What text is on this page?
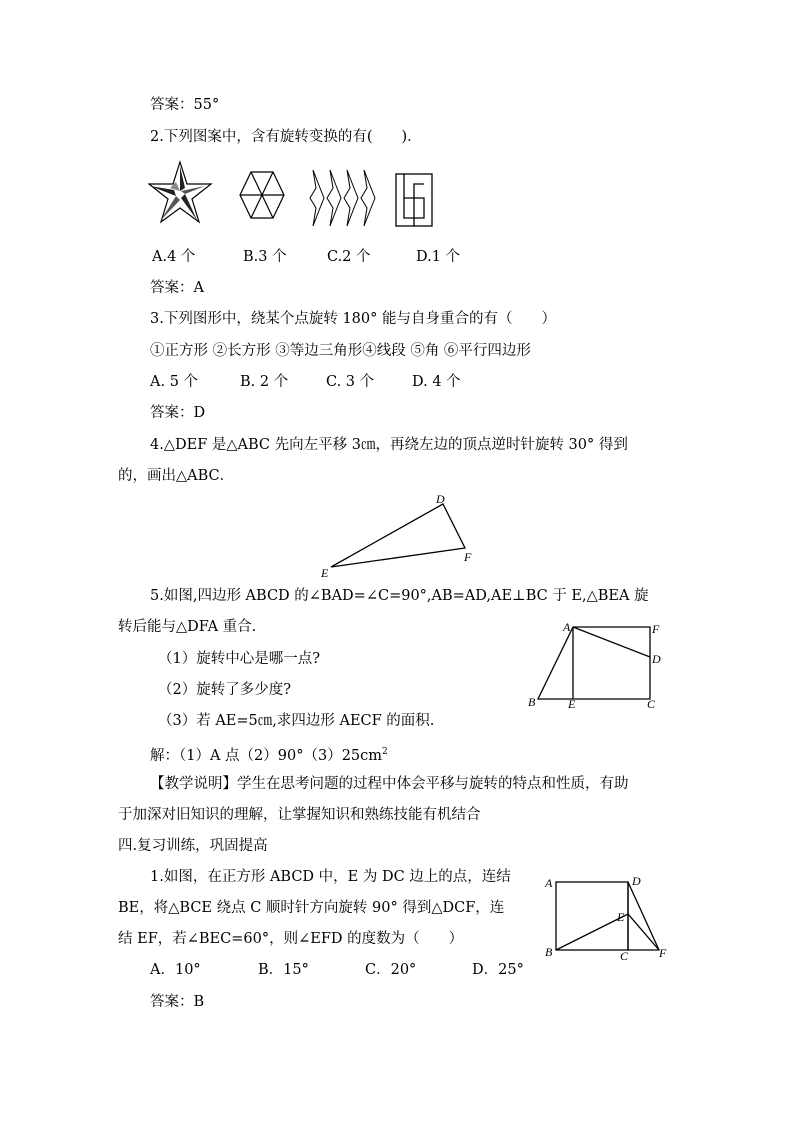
答案：55°
2.下列图案中，含有旋转变换的有(　　)．
A.4 个	B.3 个	C.2 个	D.1 个
答案：A
3.下列图形中，绕某个点旋转 180° 能与自身重合的有（　　）
①正方形 ②长方形 ③等边三角形④线段 ⑤角 ⑥平行四边形
A. 5 个	B. 2 个	C. 3 个	D. 4 个
答案：D
4.△DEF 是△ABC 先向左平移 3㎝，再绕左边的顶点逆时针旋转 30° 得到
的，画出△ABC．
D
E
F
5.如图,四边形 ABCD 的∠BAD=∠C=90°,AB=AD,AE⊥BC 于 E,△BEA 旋
转后能与△DFA 重合.
（1）旋转中心是哪一点?
（2）旋转了多少度?
（3）若 AE=5㎝,求四边形 AECF 的面积.
解：（1）A 点$(2)90^\circ(3)25cm^2$
A	F
D
B	E	C
【教学说明】学生在思考问题的过程中体会平移与旋转的特点和性质，有助
于加深对旧知识的理解，让掌握知识和熟练技能有机结合
四.复习训练，巩固提高
1.如图，在正方形 ABCD 中，E 为 DC 边上的点，连结
BE，将△BCE 绕点 C 顺时针方向旋转 90° 得到△DCF，连
结 EF，若∠BEC=60°，则∠EFD 的度数为（　　）
A	D
E
B	C	F
A．10°	B．15°	C．20°	D．25°
答案：B
